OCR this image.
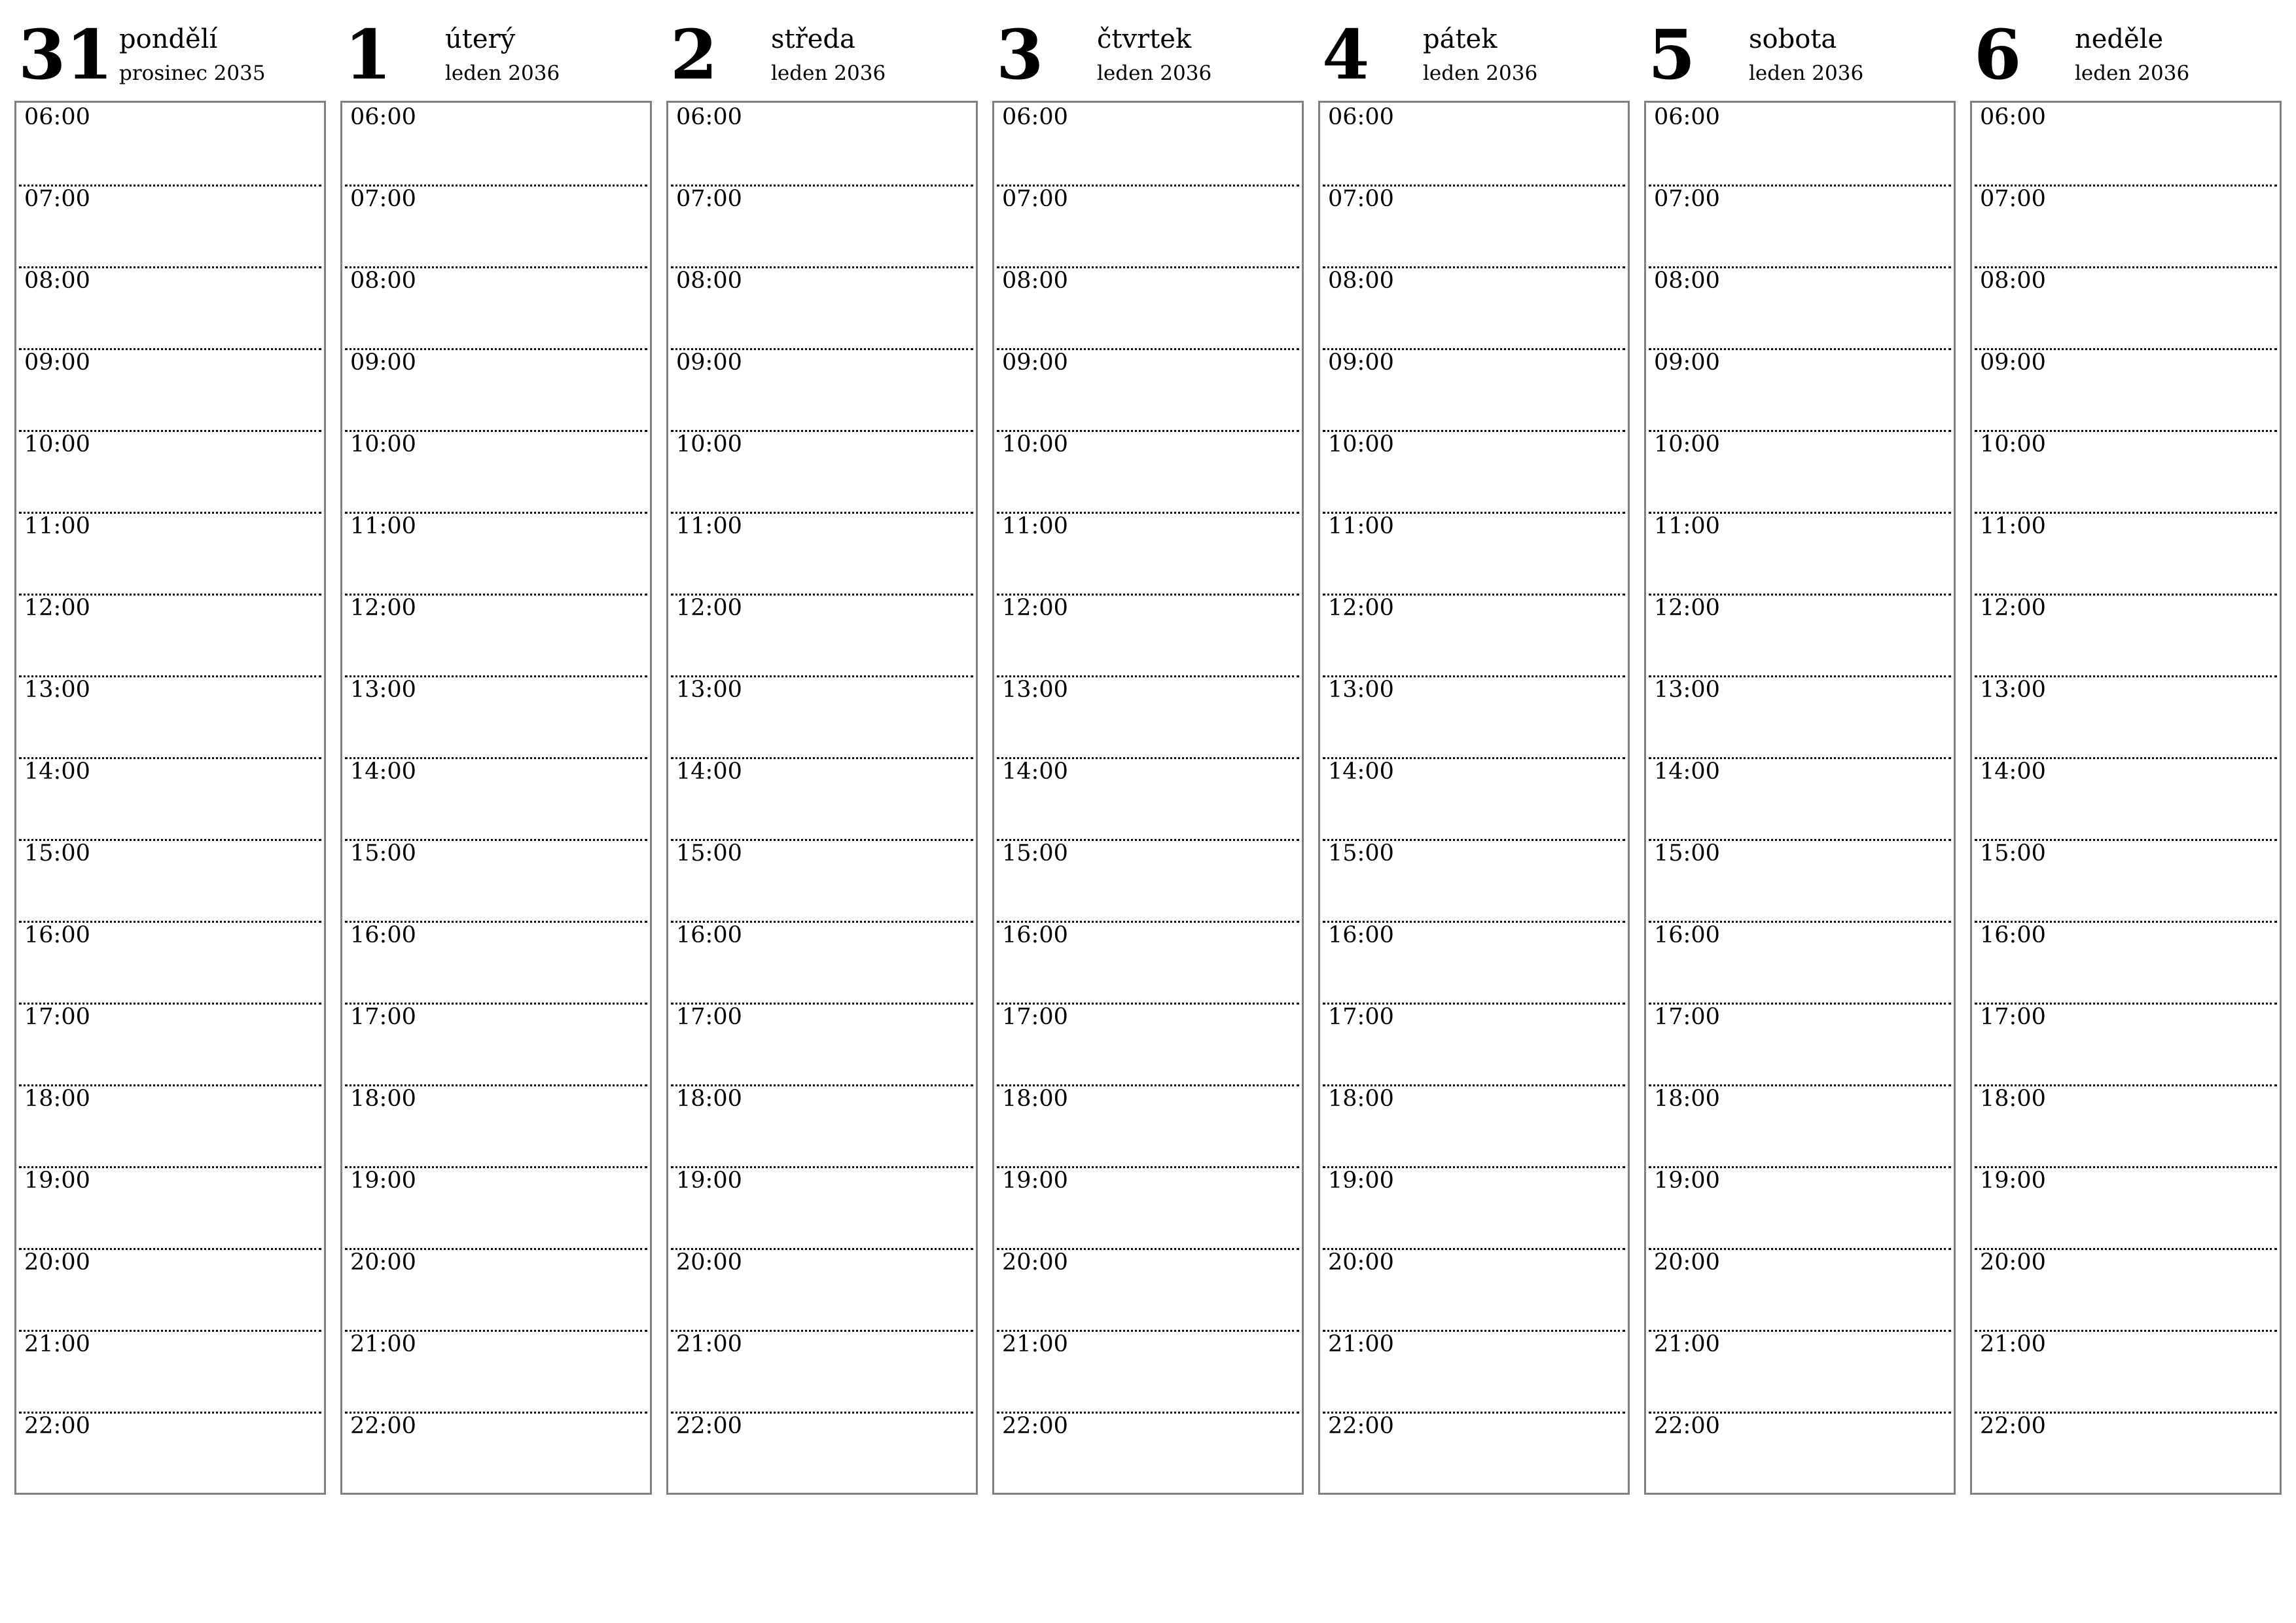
31 pondělí
prosinec 2035
06:00
07:00
08:00
09:00
10:00
11:00
12:00
13:00
14:00
15:00
16:00
17:00
18:00
19:00
20:00
21:00
22:00
1 úterý
leden 2036
06:00
07:00
08:00
09:00
10:00
11:00
12:00
13:00
14:00
15:00
16:00
17:00
18:00
19:00
20:00
21:00
22:00
2 středa
leden 2036
06:00
07:00
08:00
09:00
10:00
11:00
12:00
13:00
14:00
15:00
16:00
17:00
18:00
19:00
20:00
21:00
22:00
3 čtvrtek
leden 2036
06:00
07:00
08:00
09:00
10:00
11:00
12:00
13:00
14:00
15:00
16:00
17:00
18:00
19:00
20:00
21:00
22:00
4 pátek
leden 2036
06:00
07:00
08:00
09:00
10:00
11:00
12:00
13:00
14:00
15:00
16:00
17:00
18:00
19:00
20:00
21:00
22:00
5 sobota
leden 2036
06:00
07:00
08:00
09:00
10:00
11:00
12:00
13:00
14:00
15:00
16:00
17:00
18:00
19:00
20:00
21:00
22:00
6 neděle
leden 2036
06:00
07:00
08:00
09:00
10:00
11:00
12:00
13:00
14:00
15:00
16:00
17:00
18:00
19:00
20:00
21:00
22:00
